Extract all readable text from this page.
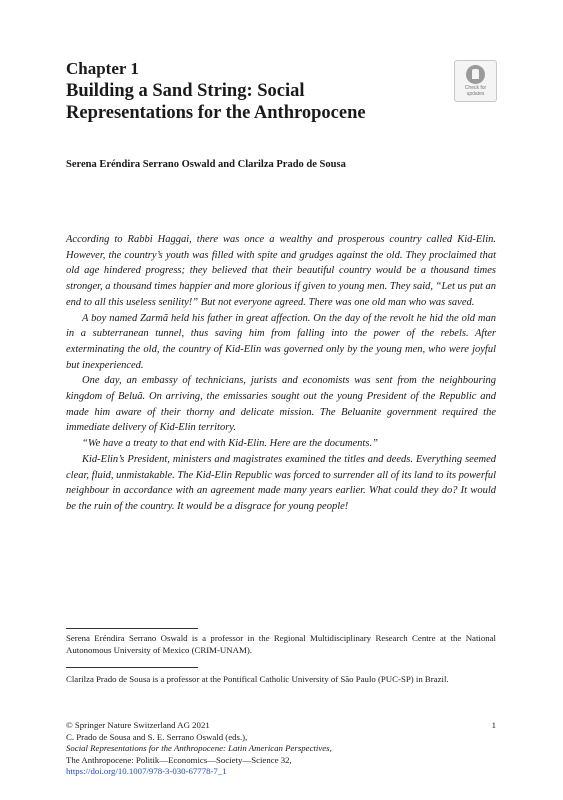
Chapter 1
Building a Sand String: Social
Representations for the Anthropocene
Check for
updates
Serena Eréndira Serrano Oswald and Clarilza Prado de Sousa

According to Rabbi Haggai, there was once a wealthy and prosperous country called Kid-Elin. However, the country’s youth was filled with spite and grudges against the old. They proclaimed that old age hindered progress; they believed that their beautiful country would be a thousand times stronger, a thousand times happier and more glorious if given to young men. They said, “Let us put an end to all this useless senility!” But not everyone agreed. There was one old man who was saved.

A boy named Zarmã held his father in great affection. On the day of the revolt he hid the old man in a subterranean tunnel, thus saving him from falling into the power of the rebels. After exterminating the old, the country of Kid-Elin was governed only by the young men, who were joyful but inexperienced.

One day, an embassy of technicians, jurists and economists was sent from the neighbouring kingdom of Beluã. On arriving, the emissaries sought out the young President of the Republic and made him aware of their thorny and delicate mission. The Beluanite government required the immediate delivery of Kid-Elin territory.

“We have a treaty to that end with Kid-Elin. Here are the documents.”

Kid-Elin’s President, ministers and magistrates examined the titles and deeds. Everything seemed clear, fluid, unmistakable. The Kid-Elin Republic was forced to surrender all of its land to its powerful neighbour in accordance with an agreement made many years earlier. What could they do? It would be the ruin of the country. It would be a disgrace for young people!

Serena Eréndira Serrano Oswald is a professor in the Regional Multidisciplinary Research Centre at the National Autonomous University of Mexico (CRIM-UNAM).
Clarilza Prado de Sousa is a professor at the Pontifical Catholic University of São Paulo (PUC-SP) in Brazil.
© Springer Nature Switzerland AG 2021
C. Prado de Sousa and S. E. Serrano Oswald (eds.),
Social Representations for the Anthropocene: Latin American Perspectives,
The Anthropocene: Politik—Economics—Society—Science 32,
https://doi.org/10.1007/978-3-030-67778-7_1
1
